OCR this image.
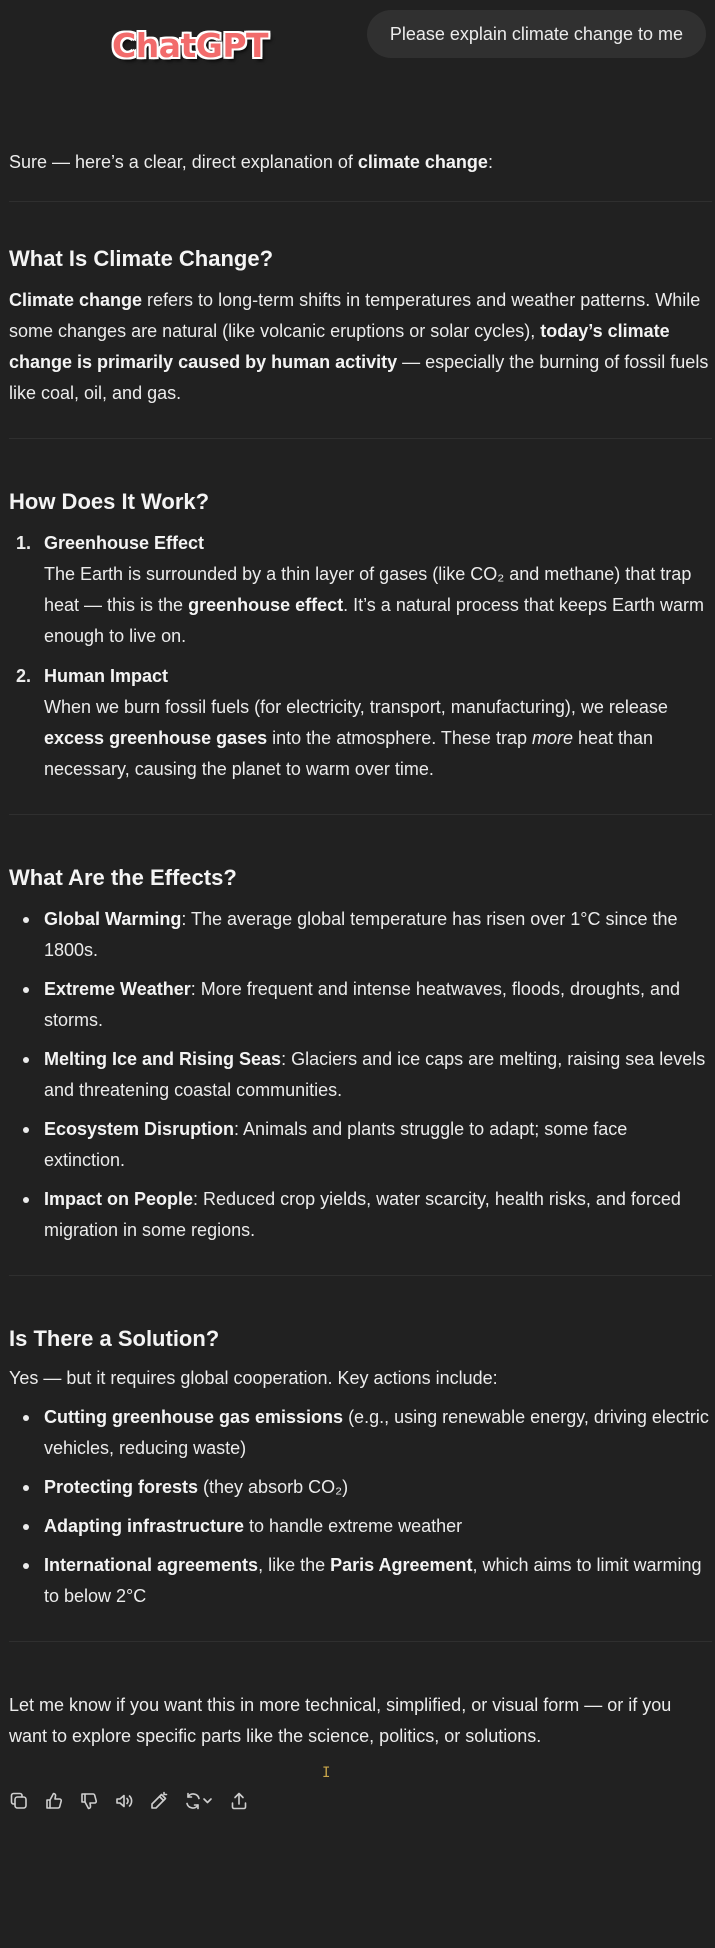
ChatGPT	Please explain climate change to me

Sure — here’s a clear, direct explanation of climate change:

What Is Climate Change?

Climate change refers to long-term shifts in temperatures and weather patterns. While some changes are natural (like volcanic eruptions or solar cycles), today’s climate change is primarily caused by human activity — especially the burning of fossil fuels like coal, oil, and gas.

How Does It Work?
1. Greenhouse Effect
The Earth is surrounded by a thin layer of gases (like CO₂ and methane) that trap heat — this is the greenhouse effect. It’s a natural process that keeps Earth warm enough to live on.
2. Human Impact
When we burn fossil fuels (for electricity, transport, manufacturing), we release excess greenhouse gases into the atmosphere. These trap more heat than necessary, causing the planet to warm over time.
What Are the Effects?
Global Warming: The average global temperature has risen over 1°C since the 1800s.
Extreme Weather: More frequent and intense heatwaves, floods, droughts, and storms.
Melting Ice and Rising Seas: Glaciers and ice caps are melting, raising sea levels and threatening coastal communities.
Ecosystem Disruption: Animals and plants struggle to adapt; some face extinction.
Impact on People: Reduced crop yields, water scarcity, health risks, and forced migration in some regions.
Is There a Solution?

Yes — but it requires global cooperation. Key actions include:

Cutting greenhouse gas emissions (e.g., using renewable energy, driving electric vehicles, reducing waste)
Protecting forests (they absorb CO₂)
Adapting infrastructure to handle extreme weather
International agreements, like the Paris Agreement, which aims to limit warming to below 2°C

Let me know if you want this in more technical, simplified, or visual form — or if you want to explore specific parts like the science, politics, or solutions.

I
